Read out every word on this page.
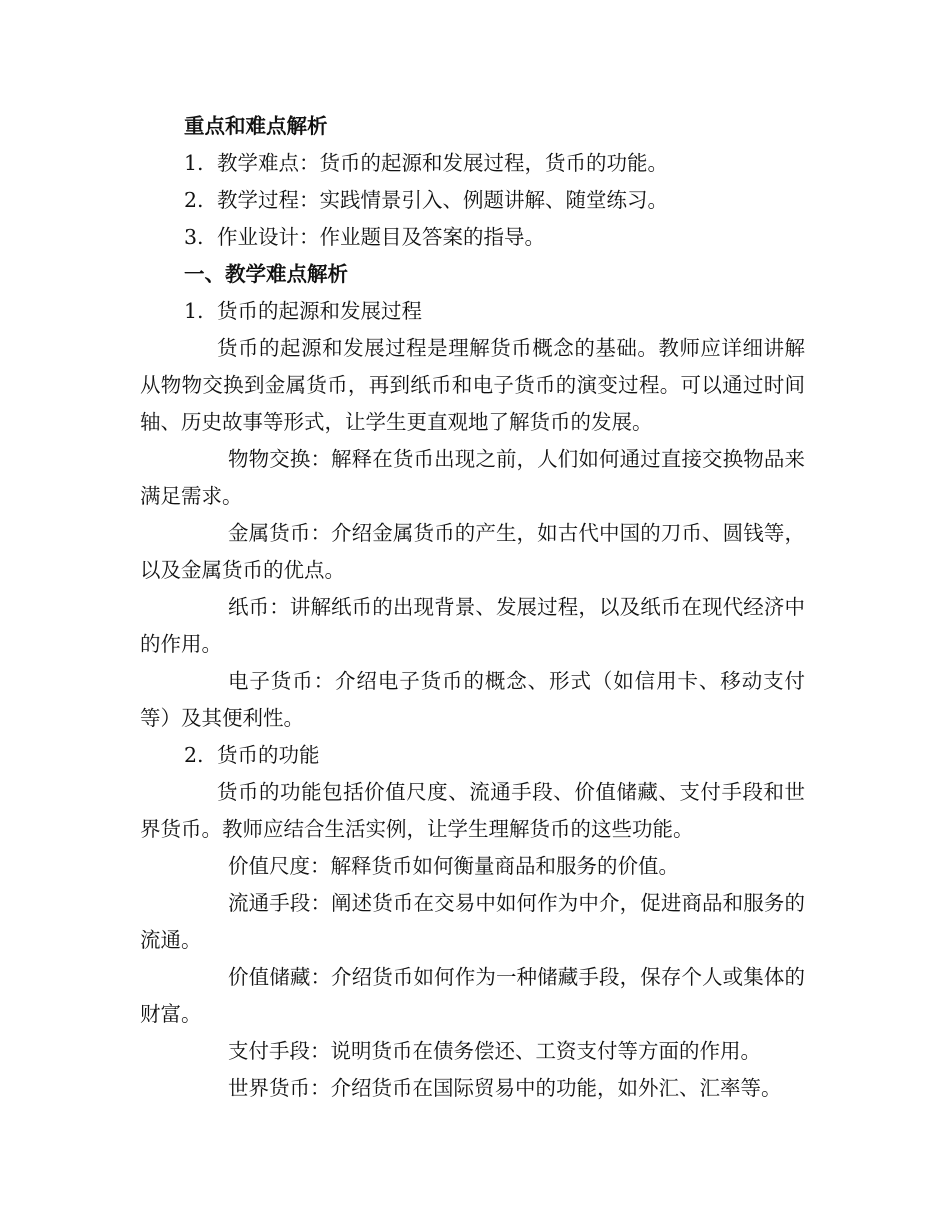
重点和难点解析
1. 教学难点：货币的起源和发展过程，货币的功能。
2. 教学过程：实践情景引入、例题讲解、随堂练习。
3. 作业设计：作业题目及答案的指导。
一、教学难点解析
1. 货币的起源和发展过程
货币的起源和发展过程是理解货币概念的基础。教师应详细讲解从物物交换到金属货币，再到纸币和电子货币的演变过程。可以通过时间轴、历史故事等形式，让学生更直观地了解货币的发展。
物物交换：解释在货币出现之前，人们如何通过直接交换物品来满足需求。
金属货币：介绍金属货币的产生，如古代中国的刀币、圆钱等，以及金属货币的优点。
纸币：讲解纸币的出现背景、发展过程，以及纸币在现代经济中的作用。
电子货币：介绍电子货币的概念、形式（如信用卡、移动支付等）及其便利性。
2. 货币的功能
货币的功能包括价值尺度、流通手段、价值储藏、支付手段和世界货币。教师应结合生活实例，让学生理解货币的这些功能。
价值尺度：解释货币如何衡量商品和服务的价值。
流通手段：阐述货币在交易中如何作为中介，促进商品和服务的流通。
价值储藏：介绍货币如何作为一种储藏手段，保存个人或集体的财富。
支付手段：说明货币在债务偿还、工资支付等方面的作用。
世界货币：介绍货币在国际贸易中的功能，如外汇、汇率等。
